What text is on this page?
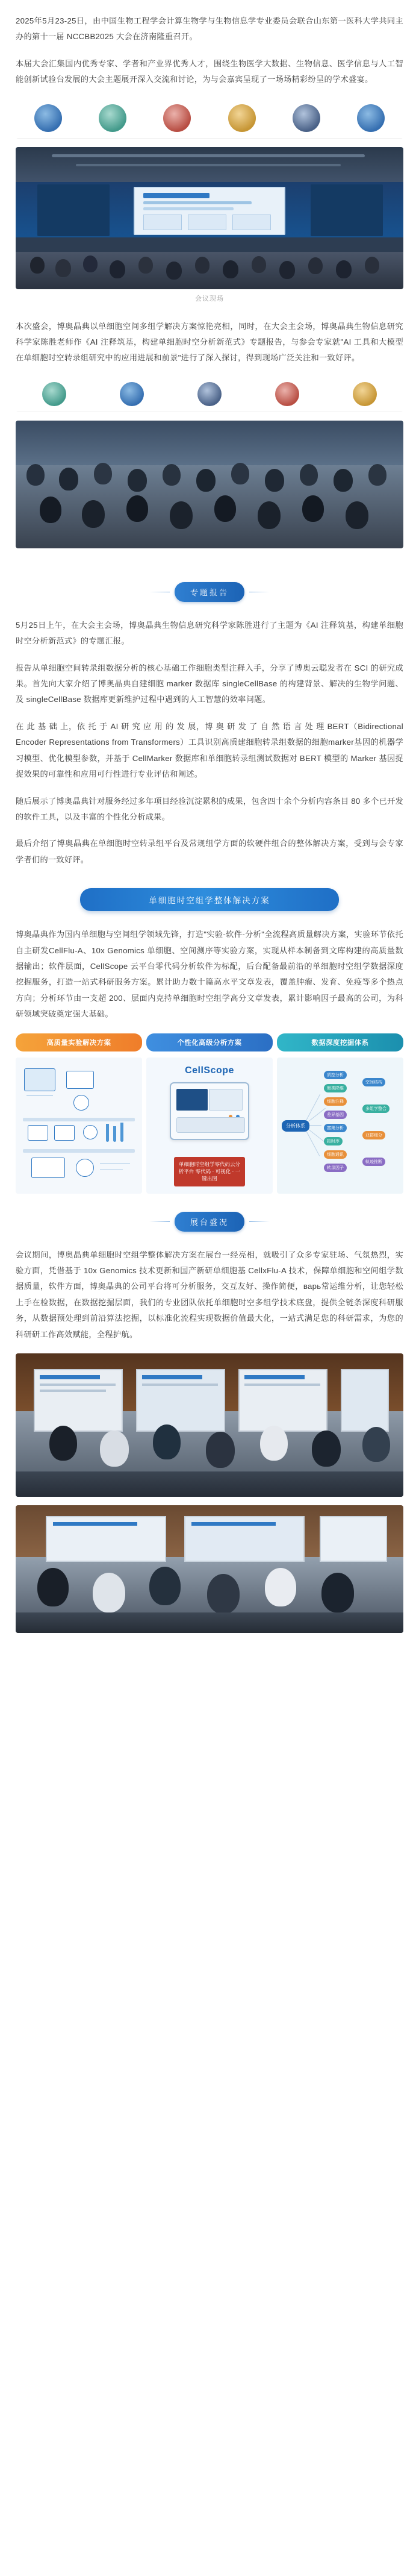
2025年5月23-25日，由中国生物工程学会计算生物学与生物信息学专业委员会联合山东第一医科大学共同主办的第十一届 NCCBB2025 大会在济南隆重召开。

本届大会汇集国内优秀专家、学者和产业界优秀人才，围绕生物医学大数据、生物信息、医学信息与人工智能创新试验台发展的大会主题展开深入交流和讨论，为与会嘉宾呈现了一场场精彩纷呈的学术盛宴。

会议现场

本次盛会，博奥晶典以单细胞空间多组学解决方案惊艳亮相，同时，在大会主会场，博奥晶典生物信息研究科学家陈胜老师作《AI 注释筑基，构建单细胞时空分析新范式》专题报告，与参会专家就"AI 工具和大模型在单细胞时空转录组研究中的应用进展和前景"进行了深入探讨，得到现场广泛关注和一致好评。

专题报告

5月25日上午，在大会主会场，博奥晶典生物信息研究科学家陈胜进行了主题为《AI 注释筑基，构建单细胞时空分析新范式》的专题汇报。

报告从单细胞空间转录组数据分析的核心基础工作细胞类型注释入手，分享了博奥云聪发者在 SCI 的研究成果。首先向大家介绍了博奥晶典自建细胞 marker 数据库 singleCellBase 的构建背景、解决的生物学问题、及 singleCellBase 数据库更新维护过程中遇到的人工智慧的效率问题。

在 此 基 础 上，依 托 于 AI 研 究 应 用 的 发 展，博 奥 研 发 了 自 然 语 言 处 理 BERT（Bidirectional Encoder Representations from Transformers）工具识别高质建细胞转录组数据的细胞marker基因的机器学习模型、优化模型参数，并基于 CellMarker 数据库和单细胞转录组测试数据对 BERT 模型的 Marker 基因捉捉效果的可靠性和应用可行性进行专业评估和阐述。

随后展示了博奥晶典针对服务经过多年项目经验沉淀累积的成果，包含四十余个分析内容条目 80 多个已开发的软件工具，以及丰富的个性化分析成果。

最后介绍了博奥晶典在单细胞时空转录组平台及常规组学方面的软硬件组合的整体解决方案，受到与会专家学者们的一致好评。

单细胞时空组学整体解决方案

博奥晶典作为国内单细胞与空间组学领域先锋，打造"实验-软件-分析"全流程高质量解决方案，实验环节依托自主研发CellFlu-A、10x Genomics 单细胞、空间测序等实验方案，实现从样本制备到文库构建的高质量数据输出；软件层面，CellScope 云平台零代码分析软件为标配，后台配备最前沿的单细胞时空组学数据深度挖掘服务，打造一站式科研服务方案。累计助力数十篇高水平文章发表，覆盖肿瘤、发育、免疫等多个热点方向；分析环节由一支超 200、层面内克持单细胞时空组学高分文章发表，累计影响因子最高的公司，为科研领域突破奠定强大基础。

高质量实验解决方案	个性化高级分析方案	数据深度挖掘体系
CellScope
单细胞时空组学零代码云分析平台 零代码 · 可视化 · 一键出图
分析体系
质控分析
聚类降维
细胞注释
差异基因
富集分析
拟时序
细胞通讯
转录因子
空间结构
多组学整合
亚群细分
轨迹推断
展台盛况

会议期间，博奥晶典单细胞时空组学整体解决方案在展台一经亮相，就吸引了众多专家驻场、气氛热烈，实验方面，凭借基于 10x Genomics 技术更新和国产新研单细胞基 CellxFlu-A 技术，保障单细胞和空间组学数据质量，软件方面，博奥晶典的公司平台将可分析服务，交互友好、操作简便，варь常运维分析，让您轻松上手在检数据，在数据挖掘层面，我们的专业团队依托单细胞时空多组学技术底盘，提供全链条深度科研服务，从数据预处理到前沿算法挖掘，以标准化流程实现数据价值最大化，一站式满足您的科研需求，为您的科研研工作高效赋能，全程护航。
